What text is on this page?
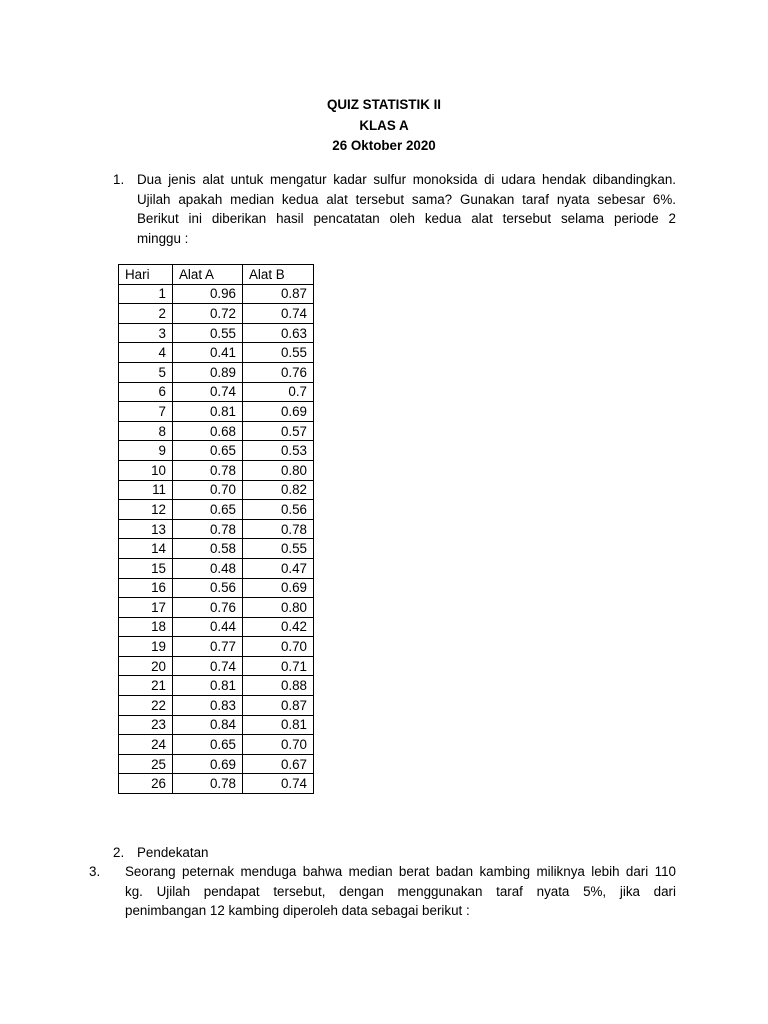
QUIZ STATISTIK II
KLAS A
26 Oktober 2020
1. Dua jenis alat untuk mengatur kadar sulfur monoksida di udara hendak dibandingkan.
Ujilah apakah median kedua alat tersebut sama? Gunakan taraf nyata sebesar 6%.
Berikut ini diberikan hasil pencatatan oleh kedua alat tersebut selama periode 2
minggu :
Hari	Alat A	Alat B
1	0.96	0.87
2	0.72	0.74
3	0.55	0.63
4	0.41	0.55
5	0.89	0.76
6	0.74	0.7
7	0.81	0.69
8	0.68	0.57
9	0.65	0.53
10	0.78	0.80
11	0.70	0.82
12	0.65	0.56
13	0.78	0.78
14	0.58	0.55
15	0.48	0.47
16	0.56	0.69
17	0.76	0.80
18	0.44	0.42
19	0.77	0.70
20	0.74	0.71
21	0.81	0.88
22	0.83	0.87
23	0.84	0.81
24	0.65	0.70
25	0.69	0.67
26	0.78	0.74
2. Pendekatan
3. Seorang peternak menduga bahwa median berat badan kambing miliknya lebih dari 110
kg. Ujilah pendapat tersebut, dengan menggunakan taraf nyata 5%, jika dari
penimbangan 12 kambing diperoleh data sebagai berikut :
